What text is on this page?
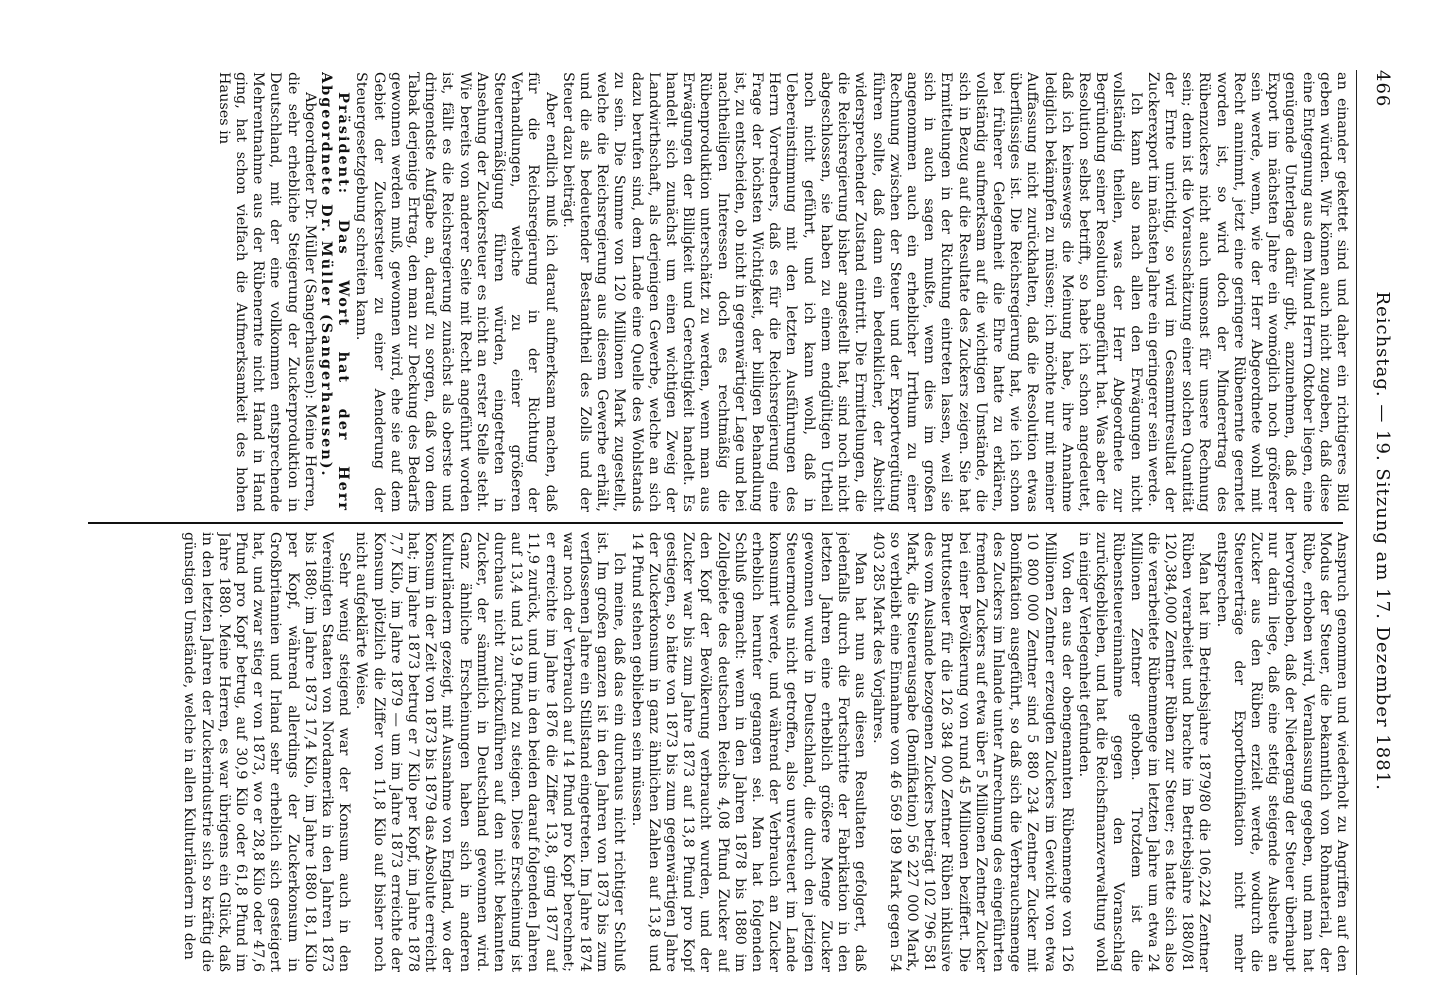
466
Reichstag. — 19. Sitzung am 17. Dezember 1881.

an einander gekettet sind und daher ein richtigeres Bild geben würden. Wir können auch nicht zugeben, daß diese eine Entgegnung aus dem Mund Herrn Oktober liegen, eine genügende Unterlage dafür gibt, anzunehmen, daß der Export im nächsten Jahre ein womöglich noch größerer sein werde, wenn, wie der Herr Abgeordnete wohl mit Recht annimmt, jetzt eine geringere Rübenernte geerntet worden ist, so wird doch der Minderertrag des Rübenzuckers nicht auch umsonst für unsere Rechnung sein; denn ist die Vorausschätzung einer solchen Quantität der Ernte unrichtig, so wird im Gesammtresultat der Zuckerexport im nächsten Jahre ein geringerer sein werde.

Ich kann also nach allen den Erwägungen nicht vollständig theilen, was der Herr Abgeordnete zur Begründung seiner Resolution angeführt hat. Was aber die Resolution selbst betrifft, so habe ich schon angedeutet, daß ich keineswegs die Meinung habe, ihre Annahme lediglich bekämpfen zu müssen; ich möchte nur mit meiner Auffassung nicht zurückhalten, daß die Resolution etwas überflüssiges ist. Die Reichsregierung hat, wie ich schon bei früherer Gelegenheit die Ehre hatte zu erklären, vollständig aufmerksam auf die wichtigen Umstände, die sich in Bezug auf die Resultate des Zuckers zeigen. Sie hat Ermittelungen in der Richtung eintreten lassen, weil sie sich in auch sagen mußte, wenn dies im großen angenommen auch ein erheblicher Irrthum zu einer Rechnung zwischen der Steuer und der Exportvergütung führen sollte, daß dann ein bedenklicher, der Absicht widersprechender Zustand eintritt. Die Ermittelungen, die die Reichsregierung bisher angestellt hat, sind noch nicht abgeschlossen, sie haben zu einem endgültigen Urtheil noch nicht geführt, und ich kann wohl, daß in Uebereinstimmung mit den letzten Ausführungen des Herrn Vorredners, daß es für die Reichsregierung eine Frage der höchsten Wichtigkeit, der billigen Behandlung ist, zu entscheiden, ob nicht in gegenwärtiger Lage und bei nachtheiligen Interessen doch es rechtmäßig die Rübenproduktion unterschätzt zu werden, wenn man aus Erwägungen der Billigkeit und Gerechtigkeit handelt. Es handelt sich zunächst um einen wichtigen Zweig der Landwirthschaft, als derjenigen Gewerbe, welche an sich dazu berufen sind, dem Lande eine Quelle des Wohlstands zu sein. Die Summe von 120 Millionen Mark zugestellt, welche die Reichsregierung aus diesem Gewerbe erhält, und die als bedeutender Bestandtheil des Zolls und der Steuer dazu beiträgt.

Aber endlich muß ich darauf aufmerksam machen, daß für die Reichsregierung in der Richtung der Verhandlungen, welche zu einer größeren Steuerermäßigung führen würden, eingetreten in Ansehung der Zuckersteuer es nicht an erster Stelle steht. Wie bereits von anderer Seite mit Recht angeführt worden ist, fällt es die Reichsregierung zunächst als oberste und dringendste Aufgabe an, darauf zu sorgen, daß von dem Tabak derjenige Ertrag, den man zur Deckung des Bedarfs gewonnen werden muß, gewonnen wird, ehe sie auf dem Gebiet der Zuckersteuer zu einer Aenderung der Steuergesetzgebung schreiten kann.

Präsident: Das Wort hat der Herr Abgeordnete Dr. Müller (Sangerhausen).

Abgeordneter Dr. Müller (Sangerhausen): Meine Herren, die sehr erhebliche Steigerung der Zuckerproduktion in Deutschland, mit der eine vollkommen entsprechende Mehrentnahme aus der Rübenernte nicht Hand in Hand ging, hat schon vielfach die Aufmerksamkeit des hohen Hauses in

Anspruch genommen und wiederholt zu Angriffen auf den Modus der Steuer, die bekanntlich von Rohmaterial, der Rübe, erhoben wird, Veranlassung gegeben, und man hat hervorgehoben, daß der Niedergang der Steuer überhaupt nur darin liege, daß eine stetig steigende Ausbeute an Zucker aus den Rüben erzielt werde, wodurch die Steuererträge der Exportbonifikation nicht mehr entsprechen.

Man hat im Betriebsjahre 1879/80 die 106,224 Zentner Rüben verarbeitet und brachte im Betriebsjahre 1880/81 120,384,000 Zentner Rüben zur Steuer; es hatte sich also die verarbeitete Rübenmenge im letzten Jahre um etwa 24 Millionen Zentner gehoben. Trotzdem ist die Rübensteuereinnahme gegen den Voranschlag zurückgeblieben, und hat die Reichsfinanzverwaltung wohl in einiger Verlegenheit gefunden.

Von den aus der obengenannten Rübenmenge von 126 Millionen Zentner erzeugten Zuckers im Gewicht von etwa 10 800 000 Zentner sind 5 880 234 Zentner Zucker mit Bonifikation ausgeführt, so daß sich die Verbrauchsmenge des Zuckers im Inlande unter Anrechnung des eingeführten fremden Zuckers auf etwa über 5 Millionen Zentner Zucker bei einer Bevölkerung von rund 45 Millionen beziffert. Die Bruttosteuer für die 126 384 000 Zentner Rüben inklusive des vom Auslande bezogenen Zuckers beträgt 102 796 581 Mark, die Steuerausgabe (Bonifikation) 56 227 000 Mark, so verbleibt eine Einnahme von 46 569 189 Mark gegen 54 403 285 Mark des Vorjahres.

Man hat nun aus diesen Resultaten gefolgert, daß jedenfalls durch die Fortschritte der Fabrikation in den letzten Jahren eine erheblich größere Menge Zucker gewonnen wurde in Deutschland, die durch den jetzigen Steuermodus nicht getroffen, also unversteuert im Lande konsumirt werde, und während der Verbrauch an Zucker erheblich herunter gegangen sei. Man hat folgenden Schluß gemacht: wenn in den Jahren 1878 bis 1880 im Zollgebiete des deutschen Reichs 4,08 Pfund Zucker auf den Kopf der Bevölkerung verbraucht wurden, und der Zucker war bis zum Jahre 1873 auf 13,8 Pfund pro Kopf gestiegen, so hätte von 1873 bis zum gegenwärtigen Jahre der Zuckerkonsum in ganz ähnlichen Zahlen auf 13,8 und 14 Pfund stehen geblieben sein müssen.

Ich meine, daß das ein durchaus nicht richtiger Schluß ist. Im großen ganzen ist in den Jahren von 1873 bis zum verflossenen Jahre ein Stillstand eingetreten. Im Jahre 1874 war noch der Verbrauch auf 14 Pfund pro Kopf berechnet; er erreichte im Jahre 1876 die Ziffer 13,8, ging 1877 auf 11,9 zurück, und um in den beiden darauf folgenden Jahren auf 13,4 und 13,9 Pfund zu steigen. Diese Erscheinung ist durchaus nicht zurückzuführen auf den nicht bekannten Zucker, der sämmtlich in Deutschland gewonnen wird. Ganz ähnliche Erscheinungen haben sich in anderen Kulturländern gezeigt, mit Ausnahme von England, wo der Konsum in der Zeit von 1873 bis 1879 das Absolute erreicht hat; im Jahre 1873 betrug er 7 Kilo per Kopf, im Jahre 1878 7,7 Kilo, im Jahre 1879 — um im Jahre 1873 erreichte der Konsum plötzlich die Ziffer von 11,8 Kilo auf bisher noch nicht aufgeklärte Weise.

Sehr wenig steigend war der Konsum auch in den Vereinigten Staaten von Nordamerika in den Jahren 1873 bis 1880; im Jahre 1873 17,4 Kilo, im Jahre 1880 18,1 Kilo per Kopf, während allerdings der Zuckerkonsum in Großbritannien und Irland sehr erheblich sich gesteigert hat, und zwar stieg er von 1873, wo er 28,8 Kilo oder 47,6 Pfund pro Kopf betrug, auf 30,9 Kilo oder 61,8 Pfund im Jahre 1880. Meine Herren, es war übrigens ein Glück, daß in den letzten Jahren der Zuckerindustrie sich so kräftig die günstigen Umstände, welche in allen Kulturländern in den
